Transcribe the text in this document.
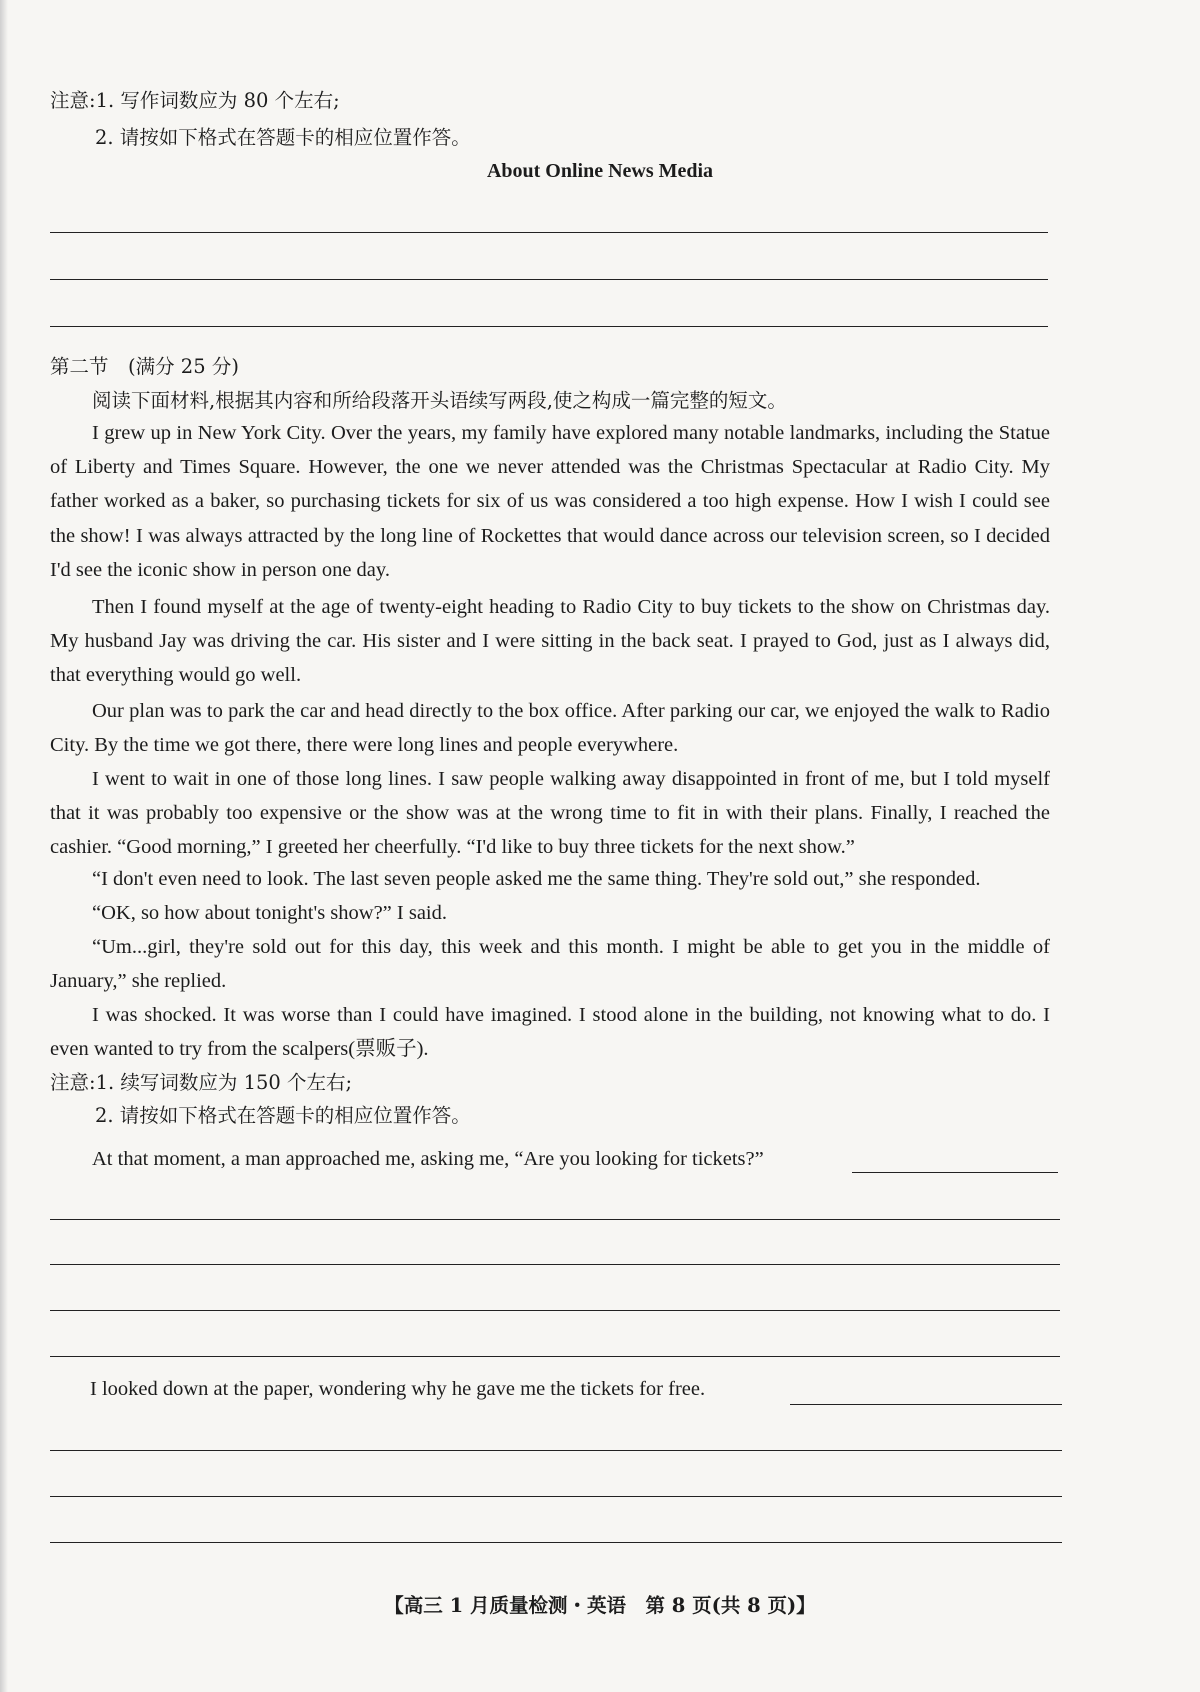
注意:1. 写作词数应为 80 个左右;
2. 请按如下格式在答题卡的相应位置作答。
About Online News Media
第二节　(满分 25 分)
阅读下面材料,根据其内容和所给段落开头语续写两段,使之构成一篇完整的短文。
I grew up in New York City. Over the years, my family have explored many notable landmarks, including the Statue of Liberty and Times Square. However, the one we never attended was the Christmas Spectacular at Radio City. My father worked as a baker, so purchasing tickets for six of us was considered a too high expense. How I wish I could see the show! I was always attracted by the long line of Rockettes that would dance across our television screen, so I decided I'd see the iconic show in person one day.
Then I found myself at the age of twenty-eight heading to Radio City to buy tickets to the show on Christmas day. My husband Jay was driving the car. His sister and I were sitting in the back seat. I prayed to God, just as I always did, that everything would go well.
Our plan was to park the car and head directly to the box office. After parking our car, we enjoyed the walk to Radio City. By the time we got there, there were long lines and people everywhere.
I went to wait in one of those long lines. I saw people walking away disappointed in front of me, but I told myself that it was probably too expensive or the show was at the wrong time to fit in with their plans. Finally, I reached the cashier. “Good morning,” I greeted her cheerfully. “I'd like to buy three tickets for the next show.”
“I don't even need to look. The last seven people asked me the same thing. They're sold out,” she responded.
“OK, so how about tonight's show?” I said.
“Um...girl, they're sold out for this day, this week and this month. I might be able to get you in the middle of January,” she replied.
I was shocked. It was worse than I could have imagined. I stood alone in the building, not knowing what to do. I even wanted to try from the scalpers(票贩子).
注意:1. 续写词数应为 150 个左右;
2. 请按如下格式在答题卡的相应位置作答。
At that moment, a man approached me, asking me, “Are you looking for tickets?”
I looked down at the paper, wondering why he gave me the tickets for free.
【高三 1 月质量检测・英语　第 8 页(共 8 页)】
